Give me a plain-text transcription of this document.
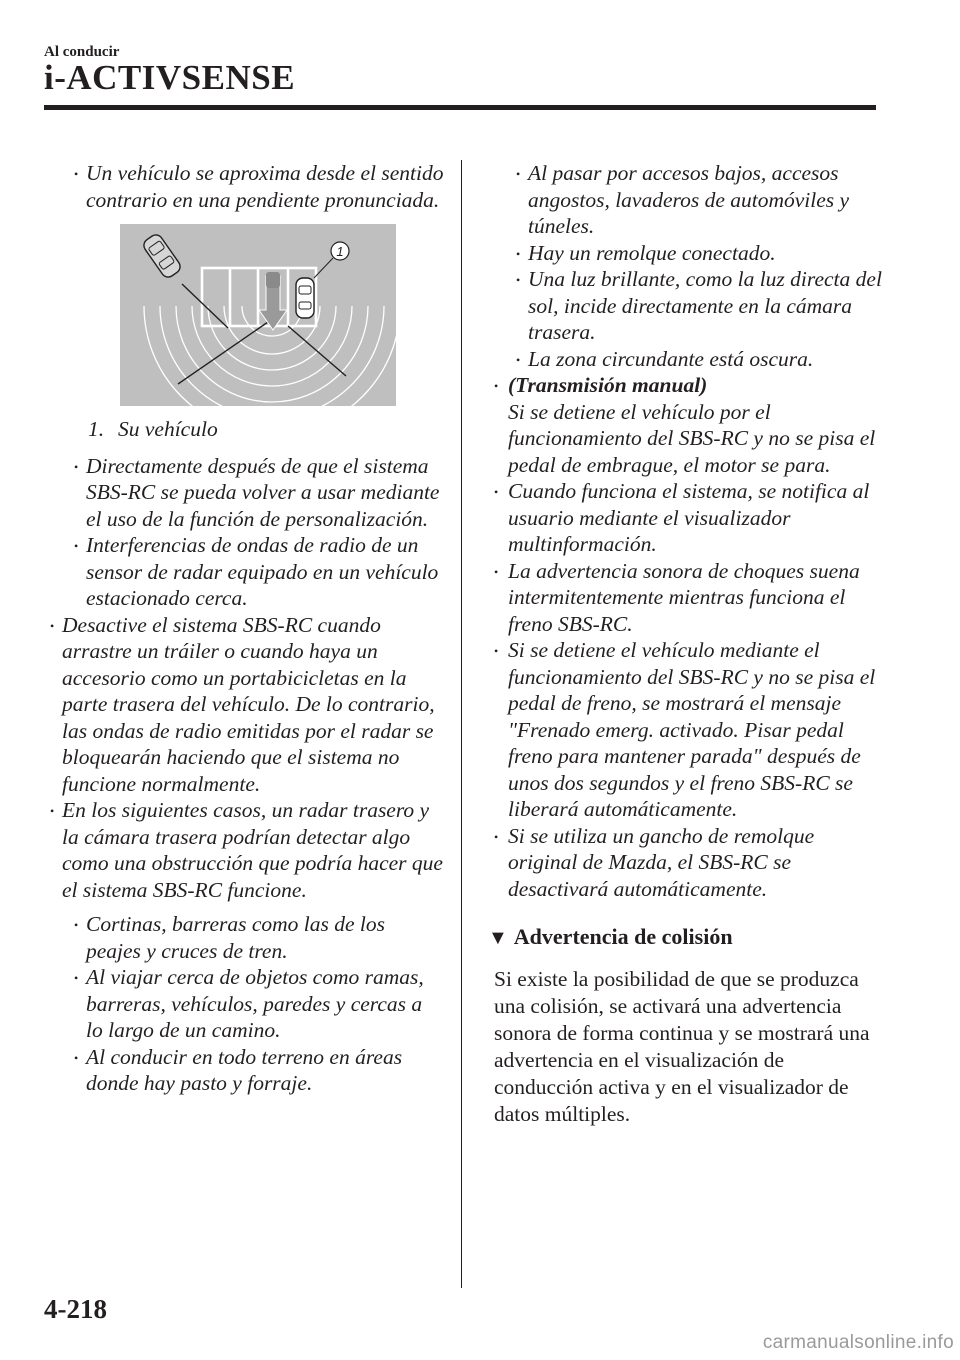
Al conducir
i-ACTIVSENSE
• Un vehículo se aproxima desde el sentido contrario en una pendiente pronunciada.
1
1. Su vehículo
• Directamente después de que el sistema SBS-RC se pueda volver a usar mediante el uso de la función de personalización.
• Interferencias de ondas de radio de un sensor de radar equipado en un vehículo estacionado cerca.
• Desactive el sistema SBS-RC cuando arrastre un tráiler o cuando haya un accesorio como un portabicicletas en la parte trasera del vehículo. De lo contrario, las ondas de radio emitidas por el radar se bloquearán haciendo que el sistema no funcione normalmente.
• En los siguientes casos, un radar trasero y la cámara trasera podrían detectar algo como una obstrucción que podría hacer que el sistema SBS-RC funcione.
• Cortinas, barreras como las de los peajes y cruces de tren.
• Al viajar cerca de objetos como ramas, barreras, vehículos, paredes y cercas a lo largo de un camino.
• Al conducir en todo terreno en áreas donde hay pasto y forraje.
• Al pasar por accesos bajos, accesos angostos, lavaderos de automóviles y túneles.
• Hay un remolque conectado.
• Una luz brillante, como la luz directa del sol, incide directamente en la cámara trasera.
• La zona circundante está oscura.
• (Transmisión manual)
Si se detiene el vehículo por el funcionamiento del SBS-RC y no se pisa el pedal de embrague, el motor se para.
• Cuando funciona el sistema, se notifica al usuario mediante el visualizador multinformación.
• La advertencia sonora de choques suena intermitentemente mientras funciona el freno SBS-RC.
• Si se detiene el vehículo mediante el funcionamiento del SBS-RC y no se pisa el pedal de freno, se mostrará el mensaje "Frenado emerg. activado. Pisar pedal freno para mantener parada" después de unos dos segundos y el freno SBS-RC se liberará automáticamente.
• Si se utiliza un gancho de remolque original de Mazda, el SBS-RC se desactivará automáticamente.
▼ Advertencia de colisión
Si existe la posibilidad de que se produzca una colisión, se activará una advertencia sonora de forma continua y se mostrará una advertencia en el visualización de conducción activa y en el visualizador de datos múltiples.
4-218
carmanualsonline.info
